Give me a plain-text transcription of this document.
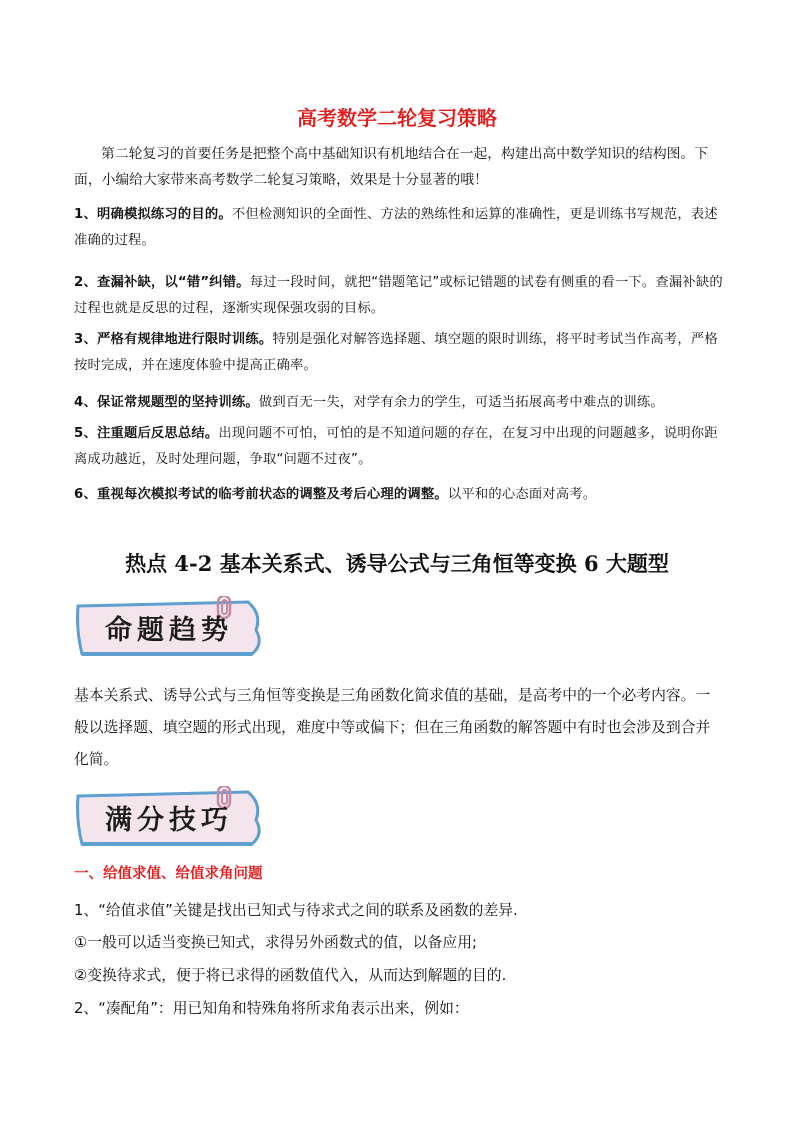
高考数学二轮复习策略
第二轮复习的首要任务是把整个高中基础知识有机地结合在一起，构建出高中数学知识的结构图。下面，小编给大家带来高考数学二轮复习策略，效果是十分显著的哦！
1、明确模拟练习的目的。不但检测知识的全面性、方法的熟练性和运算的准确性，更是训练书写规范，表述准确的过程。
2、查漏补缺，以“错”纠错。每过一段时间，就把“错题笔记”或标记错题的试卷有侧重的看一下。查漏补缺的过程也就是反思的过程，逐渐实现保强攻弱的目标。
3、严格有规律地进行限时训练。特别是强化对解答选择题、填空题的限时训练，将平时考试当作高考，严格按时完成，并在速度体验中提高正确率。
4、保证常规题型的坚持训练。做到百无一失，对学有余力的学生，可适当拓展高考中难点的训练。
5、注重题后反思总结。出现问题不可怕，可怕的是不知道问题的存在，在复习中出现的问题越多，说明你距离成功越近，及时处理问题，争取“问题不过夜”。
6、重视每次模拟考试的临考前状态的调整及考后心理的调整。以平和的心态面对高考。
热点 4-2 基本关系式、诱导公式与三角恒等变换 6 大题型
命题趋势
基本关系式、诱导公式与三角恒等变换是三角函数化简求值的基础，是高考中的一个必考内容。一般以选择题、填空题的形式出现，难度中等或偏下；但在三角函数的解答题中有时也会涉及到合并化简。
满分技巧
一、给值求值、给值求角问题
1、“给值求值”关键是找出已知式与待求式之间的联系及函数的差异.
①一般可以适当变换已知式，求得另外函数式的值，以备应用;
②变换待求式，便于将已求得的函数值代入，从而达到解题的目的.
2、“凑配角”：用已知角和特殊角将所求角表示出来，例如：
